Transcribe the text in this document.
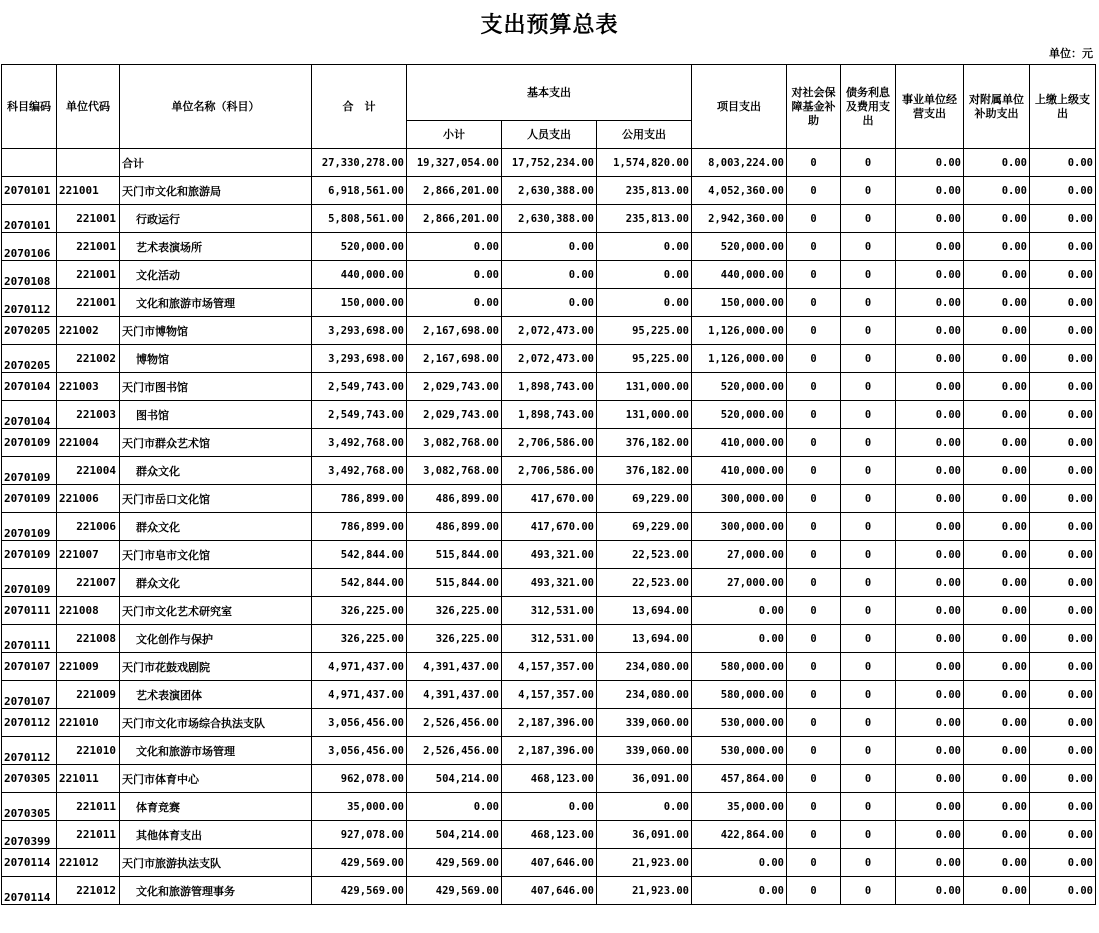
支出预算总表
单位：元
科目编码	单位代码	单位名称（科目）	合　计	基本支出			项目支出	对社会保障基金补助	债务利息及费用支出	事业单位经营支出	对附属单位补助支出	上缴上级支出
				小计	人员支出	公用支出						
		合计	27,330,278.00	19,327,054.00	17,752,234.00	1,574,820.00	8,003,224.00	0	0	0.00	0.00	0.00
2070101	221001	天门市文化和旅游局	6,918,561.00	2,866,201.00	2,630,388.00	235,813.00	4,052,360.00	0	0	0.00	0.00	0.00
2070101	221001	行政运行	5,808,561.00	2,866,201.00	2,630,388.00	235,813.00	2,942,360.00	0	0	0.00	0.00	0.00
2070106	221001	艺术表演场所	520,000.00	0.00	0.00	0.00	520,000.00	0	0	0.00	0.00	0.00
2070108	221001	文化活动	440,000.00	0.00	0.00	0.00	440,000.00	0	0	0.00	0.00	0.00
2070112	221001	文化和旅游市场管理	150,000.00	0.00	0.00	0.00	150,000.00	0	0	0.00	0.00	0.00
2070205	221002	天门市博物馆	3,293,698.00	2,167,698.00	2,072,473.00	95,225.00	1,126,000.00	0	0	0.00	0.00	0.00
2070205	221002	博物馆	3,293,698.00	2,167,698.00	2,072,473.00	95,225.00	1,126,000.00	0	0	0.00	0.00	0.00
2070104	221003	天门市图书馆	2,549,743.00	2,029,743.00	1,898,743.00	131,000.00	520,000.00	0	0	0.00	0.00	0.00
2070104	221003	图书馆	2,549,743.00	2,029,743.00	1,898,743.00	131,000.00	520,000.00	0	0	0.00	0.00	0.00
2070109	221004	天门市群众艺术馆	3,492,768.00	3,082,768.00	2,706,586.00	376,182.00	410,000.00	0	0	0.00	0.00	0.00
2070109	221004	群众文化	3,492,768.00	3,082,768.00	2,706,586.00	376,182.00	410,000.00	0	0	0.00	0.00	0.00
2070109	221006	天门市岳口文化馆	786,899.00	486,899.00	417,670.00	69,229.00	300,000.00	0	0	0.00	0.00	0.00
2070109	221006	群众文化	786,899.00	486,899.00	417,670.00	69,229.00	300,000.00	0	0	0.00	0.00	0.00
2070109	221007	天门市皂市文化馆	542,844.00	515,844.00	493,321.00	22,523.00	27,000.00	0	0	0.00	0.00	0.00
2070109	221007	群众文化	542,844.00	515,844.00	493,321.00	22,523.00	27,000.00	0	0	0.00	0.00	0.00
2070111	221008	天门市文化艺术研究室	326,225.00	326,225.00	312,531.00	13,694.00	0.00	0	0	0.00	0.00	0.00
2070111	221008	文化创作与保护	326,225.00	326,225.00	312,531.00	13,694.00	0.00	0	0	0.00	0.00	0.00
2070107	221009	天门市花鼓戏剧院	4,971,437.00	4,391,437.00	4,157,357.00	234,080.00	580,000.00	0	0	0.00	0.00	0.00
2070107	221009	艺术表演团体	4,971,437.00	4,391,437.00	4,157,357.00	234,080.00	580,000.00	0	0	0.00	0.00	0.00
2070112	221010	天门市文化市场综合执法支队	3,056,456.00	2,526,456.00	2,187,396.00	339,060.00	530,000.00	0	0	0.00	0.00	0.00
2070112	221010	文化和旅游市场管理	3,056,456.00	2,526,456.00	2,187,396.00	339,060.00	530,000.00	0	0	0.00	0.00	0.00
2070305	221011	天门市体育中心	962,078.00	504,214.00	468,123.00	36,091.00	457,864.00	0	0	0.00	0.00	0.00
2070305	221011	体育竞赛	35,000.00	0.00	0.00	0.00	35,000.00	0	0	0.00	0.00	0.00
2070399	221011	其他体育支出	927,078.00	504,214.00	468,123.00	36,091.00	422,864.00	0	0	0.00	0.00	0.00
2070114	221012	天门市旅游执法支队	429,569.00	429,569.00	407,646.00	21,923.00	0.00	0	0	0.00	0.00	0.00
2070114	221012	文化和旅游管理事务	429,569.00	429,569.00	407,646.00	21,923.00	0.00	0	0	0.00	0.00	0.00
